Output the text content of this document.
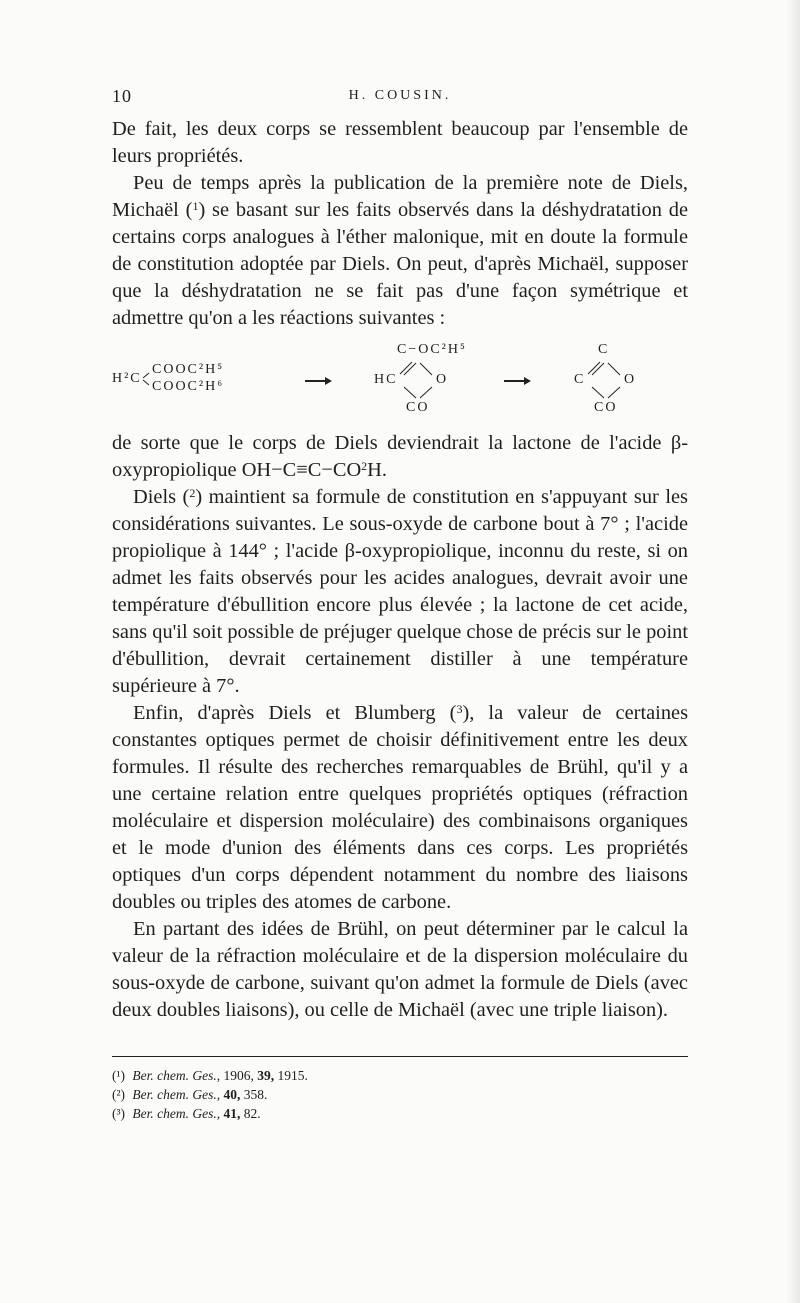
10	H. COUSIN.

De fait, les deux corps se ressemblent beaucoup par l'ensemble de leurs propriétés.

Peu de temps après la publication de la première note de Diels, Michaël ($^1$) se basant sur les faits observés dans la déshydratation de certains corps analogues à l'éther malonique, mit en doute la formule de constitution adoptée par Diels. On peut, d'après Michaël, supposer que la déshydratation ne se fait pas d'une façon symétrique et admettre qu'on a les réactions suivantes :

H²C
COOC²H⁵
COOC²H⁶
C−OC²H⁵
HC	O
CO
C
C	O
CO

de sorte que le corps de Diels deviendrait la lactone de l'acide β-oxypropiolique $OH-C\equiv C-CO^2H$.

Diels ($^2$) maintient sa formule de constitution en s'appuyant sur les considérations suivantes. Le sous-oxyde de carbone bout à 7° ; l'acide propiolique à 144° ; l'acide β-oxypropiolique, inconnu du reste, si on admet les faits observés pour les acides analogues, devrait avoir une température d'ébullition encore plus élevée ; la lactone de cet acide, sans qu'il soit possible de préjuger quelque chose de précis sur le point d'ébullition, devrait certainement distiller à une température supérieure à 7°.

Enfin, d'après Diels et Blumberg ($^3$), la valeur de certaines constantes optiques permet de choisir définitivement entre les deux formules. Il résulte des recherches remarquables de Brühl, qu'il y a une certaine relation entre quelques propriétés optiques (réfraction moléculaire et dispersion moléculaire) des combinaisons organiques et le mode d'union des éléments dans ces corps. Les propriétés optiques d'un corps dépendent notamment du nombre des liaisons doubles ou triples des atomes de carbone.

En partant des idées de Brühl, on peut déterminer par le calcul la valeur de la réfraction moléculaire et de la dispersion moléculaire du sous-oxyde de carbone, suivant qu'on admet la formule de Diels (avec deux doubles liaisons), ou celle de Michaël (avec une triple liaison).

(¹) Ber. chem. Ges., 1906, 39, 1915.

(²) Ber. chem. Ges., 40, 358.

(³) Ber. chem. Ges., 41, 82.
